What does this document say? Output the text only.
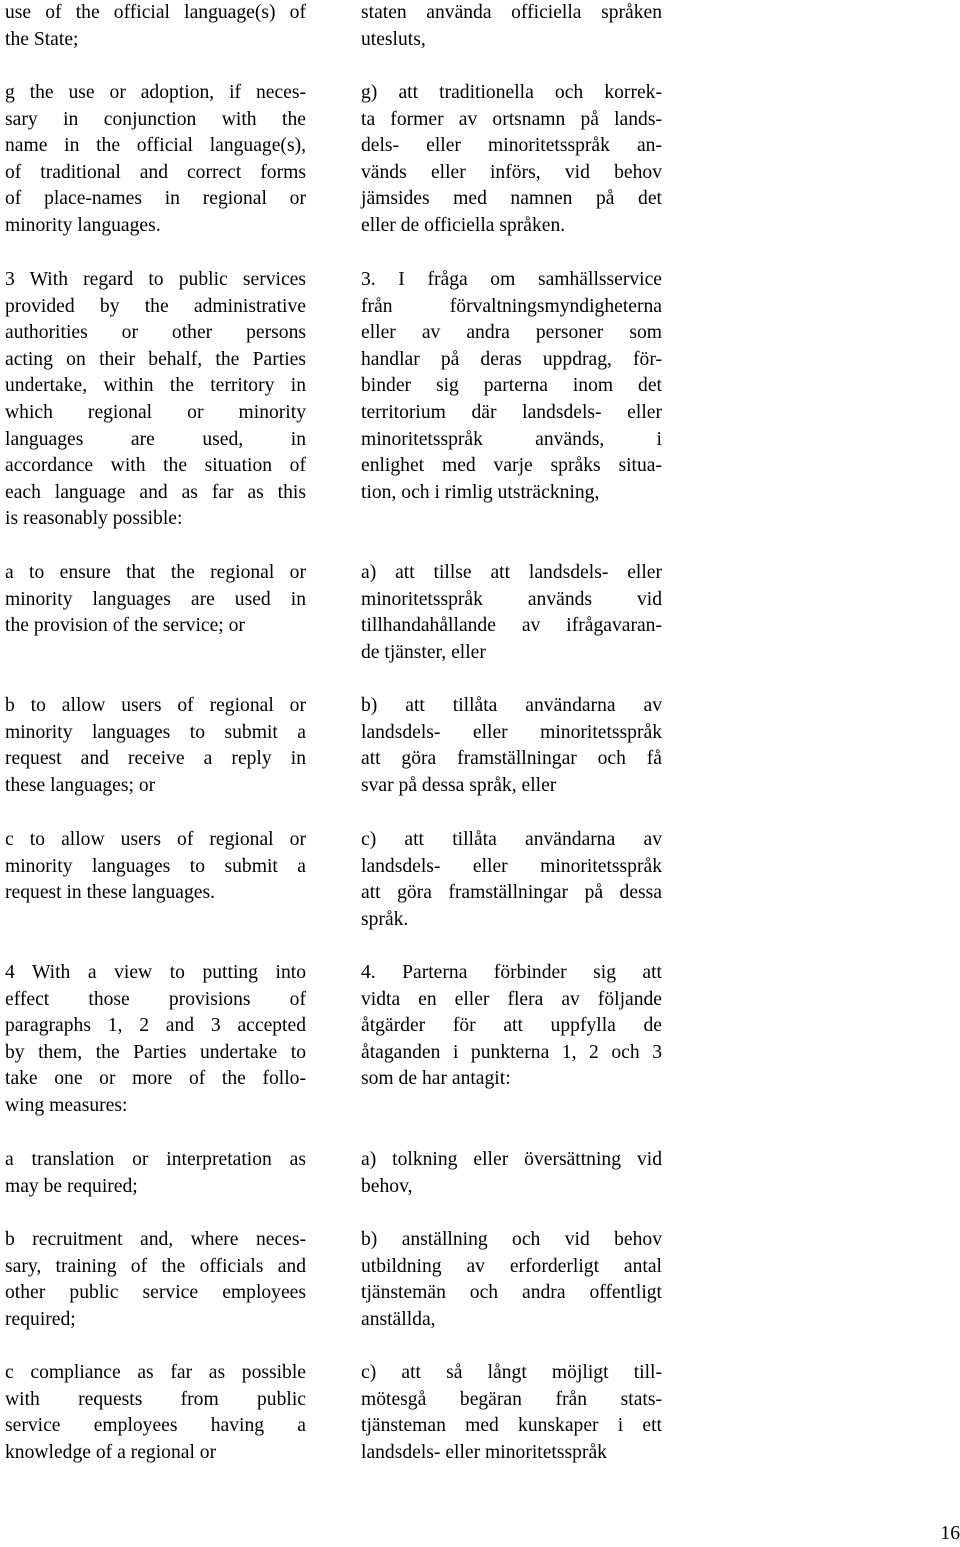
use of the official language(s) of
the State;
g the use or adoption, if neces-
sary in conjunction with the
name in the official language(s),
of traditional and correct forms
of place-names in regional or
minority languages.
3 With regard to public services
provided by the administrative
authorities or other persons
acting on their behalf, the Parties
undertake, within the territory in
which regional or minority
languages are used, in
accordance with the situation of
each language and as far as this
is reasonably possible:
a to ensure that the regional or
minority languages are used in
the provision of the service; or
b to allow users of regional or
minority languages to submit a
request and receive a reply in
these languages; or
c to allow users of regional or
minority languages to submit a
request in these languages.
4 With a view to putting into
effect those provisions of
paragraphs 1, 2 and 3 accepted
by them, the Parties undertake to
take one or more of the follo-
wing measures:
a translation or interpretation as
may be required;
b recruitment and, where neces-
sary, training of the officials and
other public service employees
required;
c compliance as far as possible
with requests from public
service employees having a
knowledge of a regional or
staten använda officiella språken
utesluts,
g) att traditionella och korrek-
ta former av ortsnamn på lands-
dels- eller minoritetsspråk an-
vänds eller införs, vid behov
jämsides med namnen på det
eller de officiella språken.
3. I fråga om samhällsservice
från förvaltningsmyndigheterna
eller av andra personer som
handlar på deras uppdrag, för-
binder sig parterna inom det
territorium där landsdels- eller
minoritetsspråk används, i
enlighet med varje språks situa-
tion, och i rimlig utsträckning,
a) att tillse att landsdels- eller
minoritetsspråk används vid
tillhandahållande av ifrågavaran-
de tjänster, eller
b) att tillåta användarna av
landsdels- eller minoritetsspråk
att göra framställningar och få
svar på dessa språk, eller
c) att tillåta användarna av
landsdels- eller minoritetsspråk
att göra framställningar på dessa
språk.
4. Parterna förbinder sig att
vidta en eller flera av följande
åtgärder för att uppfylla de
åtaganden i punkterna 1, 2 och 3
som de har antagit:
a) tolkning eller översättning vid
behov,
b) anställning och vid behov
utbildning av erforderligt antal
tjänstemän och andra offentligt
anställda,
c) att så långt möjligt till-
mötesgå begäran från stats-
tjänsteman med kunskaper i ett
landsdels- eller minoritetsspråk
16
